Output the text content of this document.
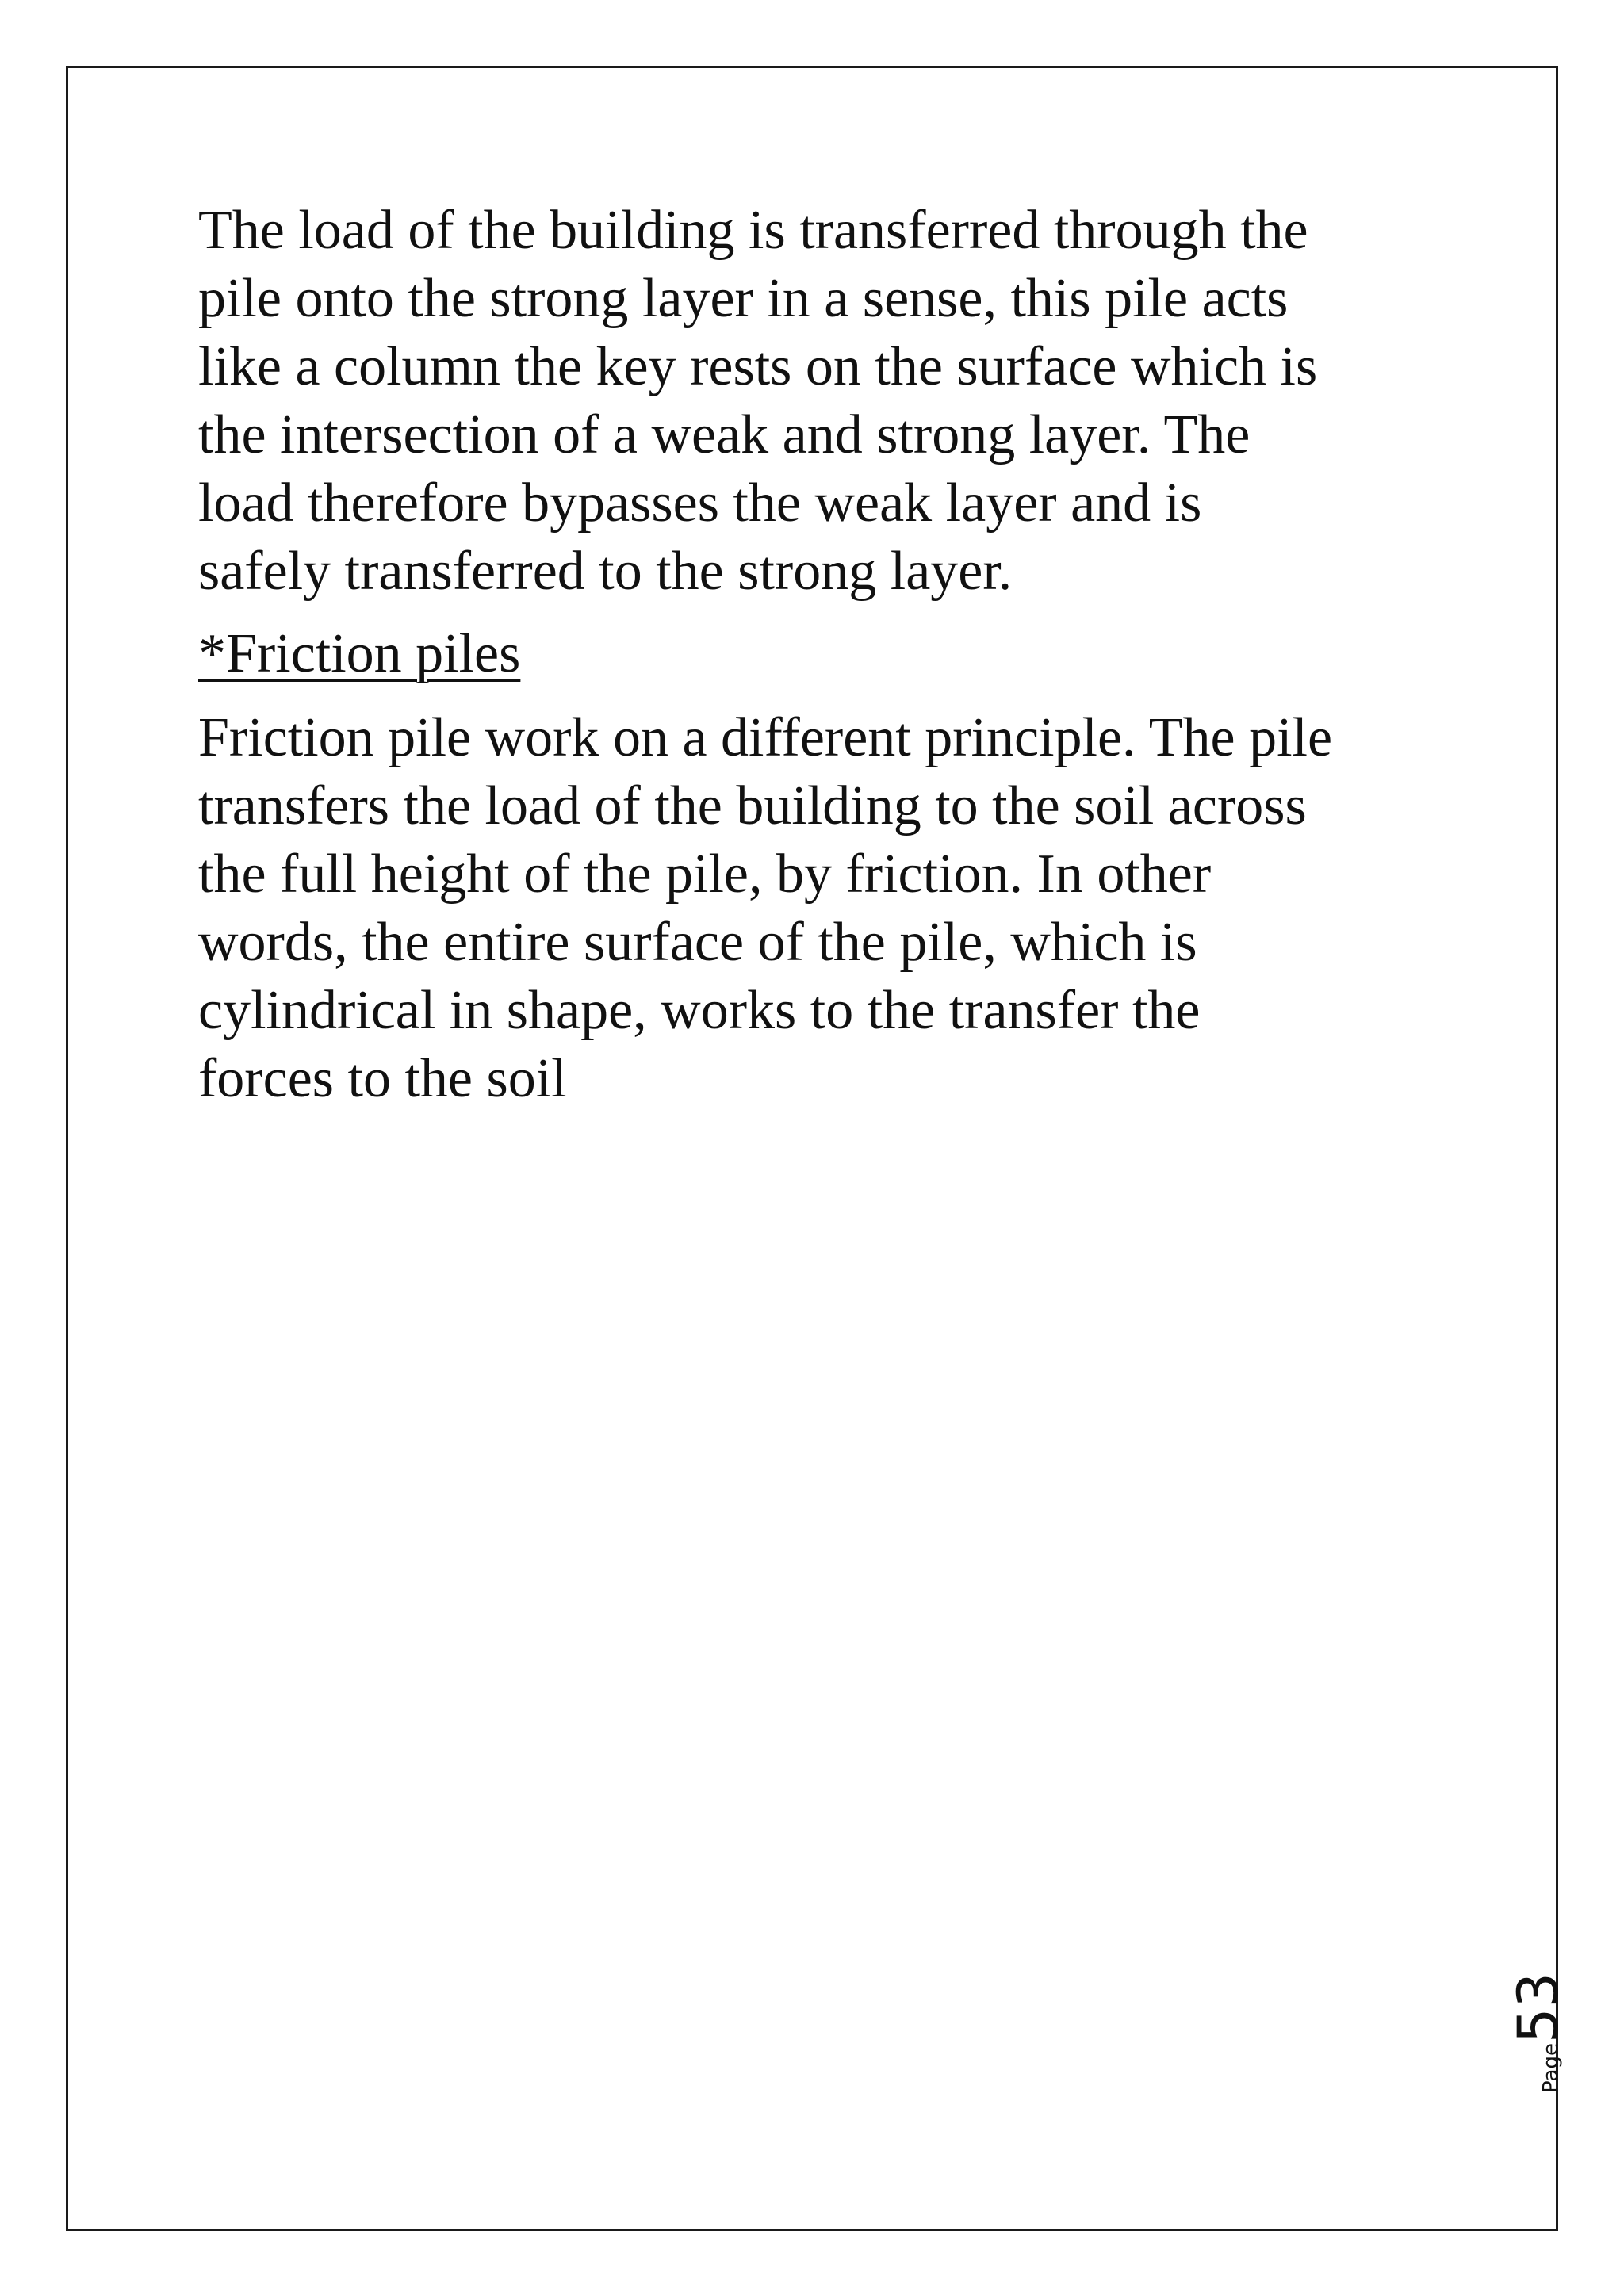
The load of the building is transferred through the
pile onto the strong layer in a sense, this pile acts
like a column the key rests on the surface which is
the intersection of a weak and strong layer. The
load therefore bypasses the weak layer and is
safely transferred to the strong layer.

*Friction piles

Friction pile work on a different principle. The pile
transfers the load of the building to the soil across
the full height of the pile, by friction. In other
words, the entire surface of the pile, which is
cylindrical in shape, works to the transfer the
forces to the soil

Page
53
